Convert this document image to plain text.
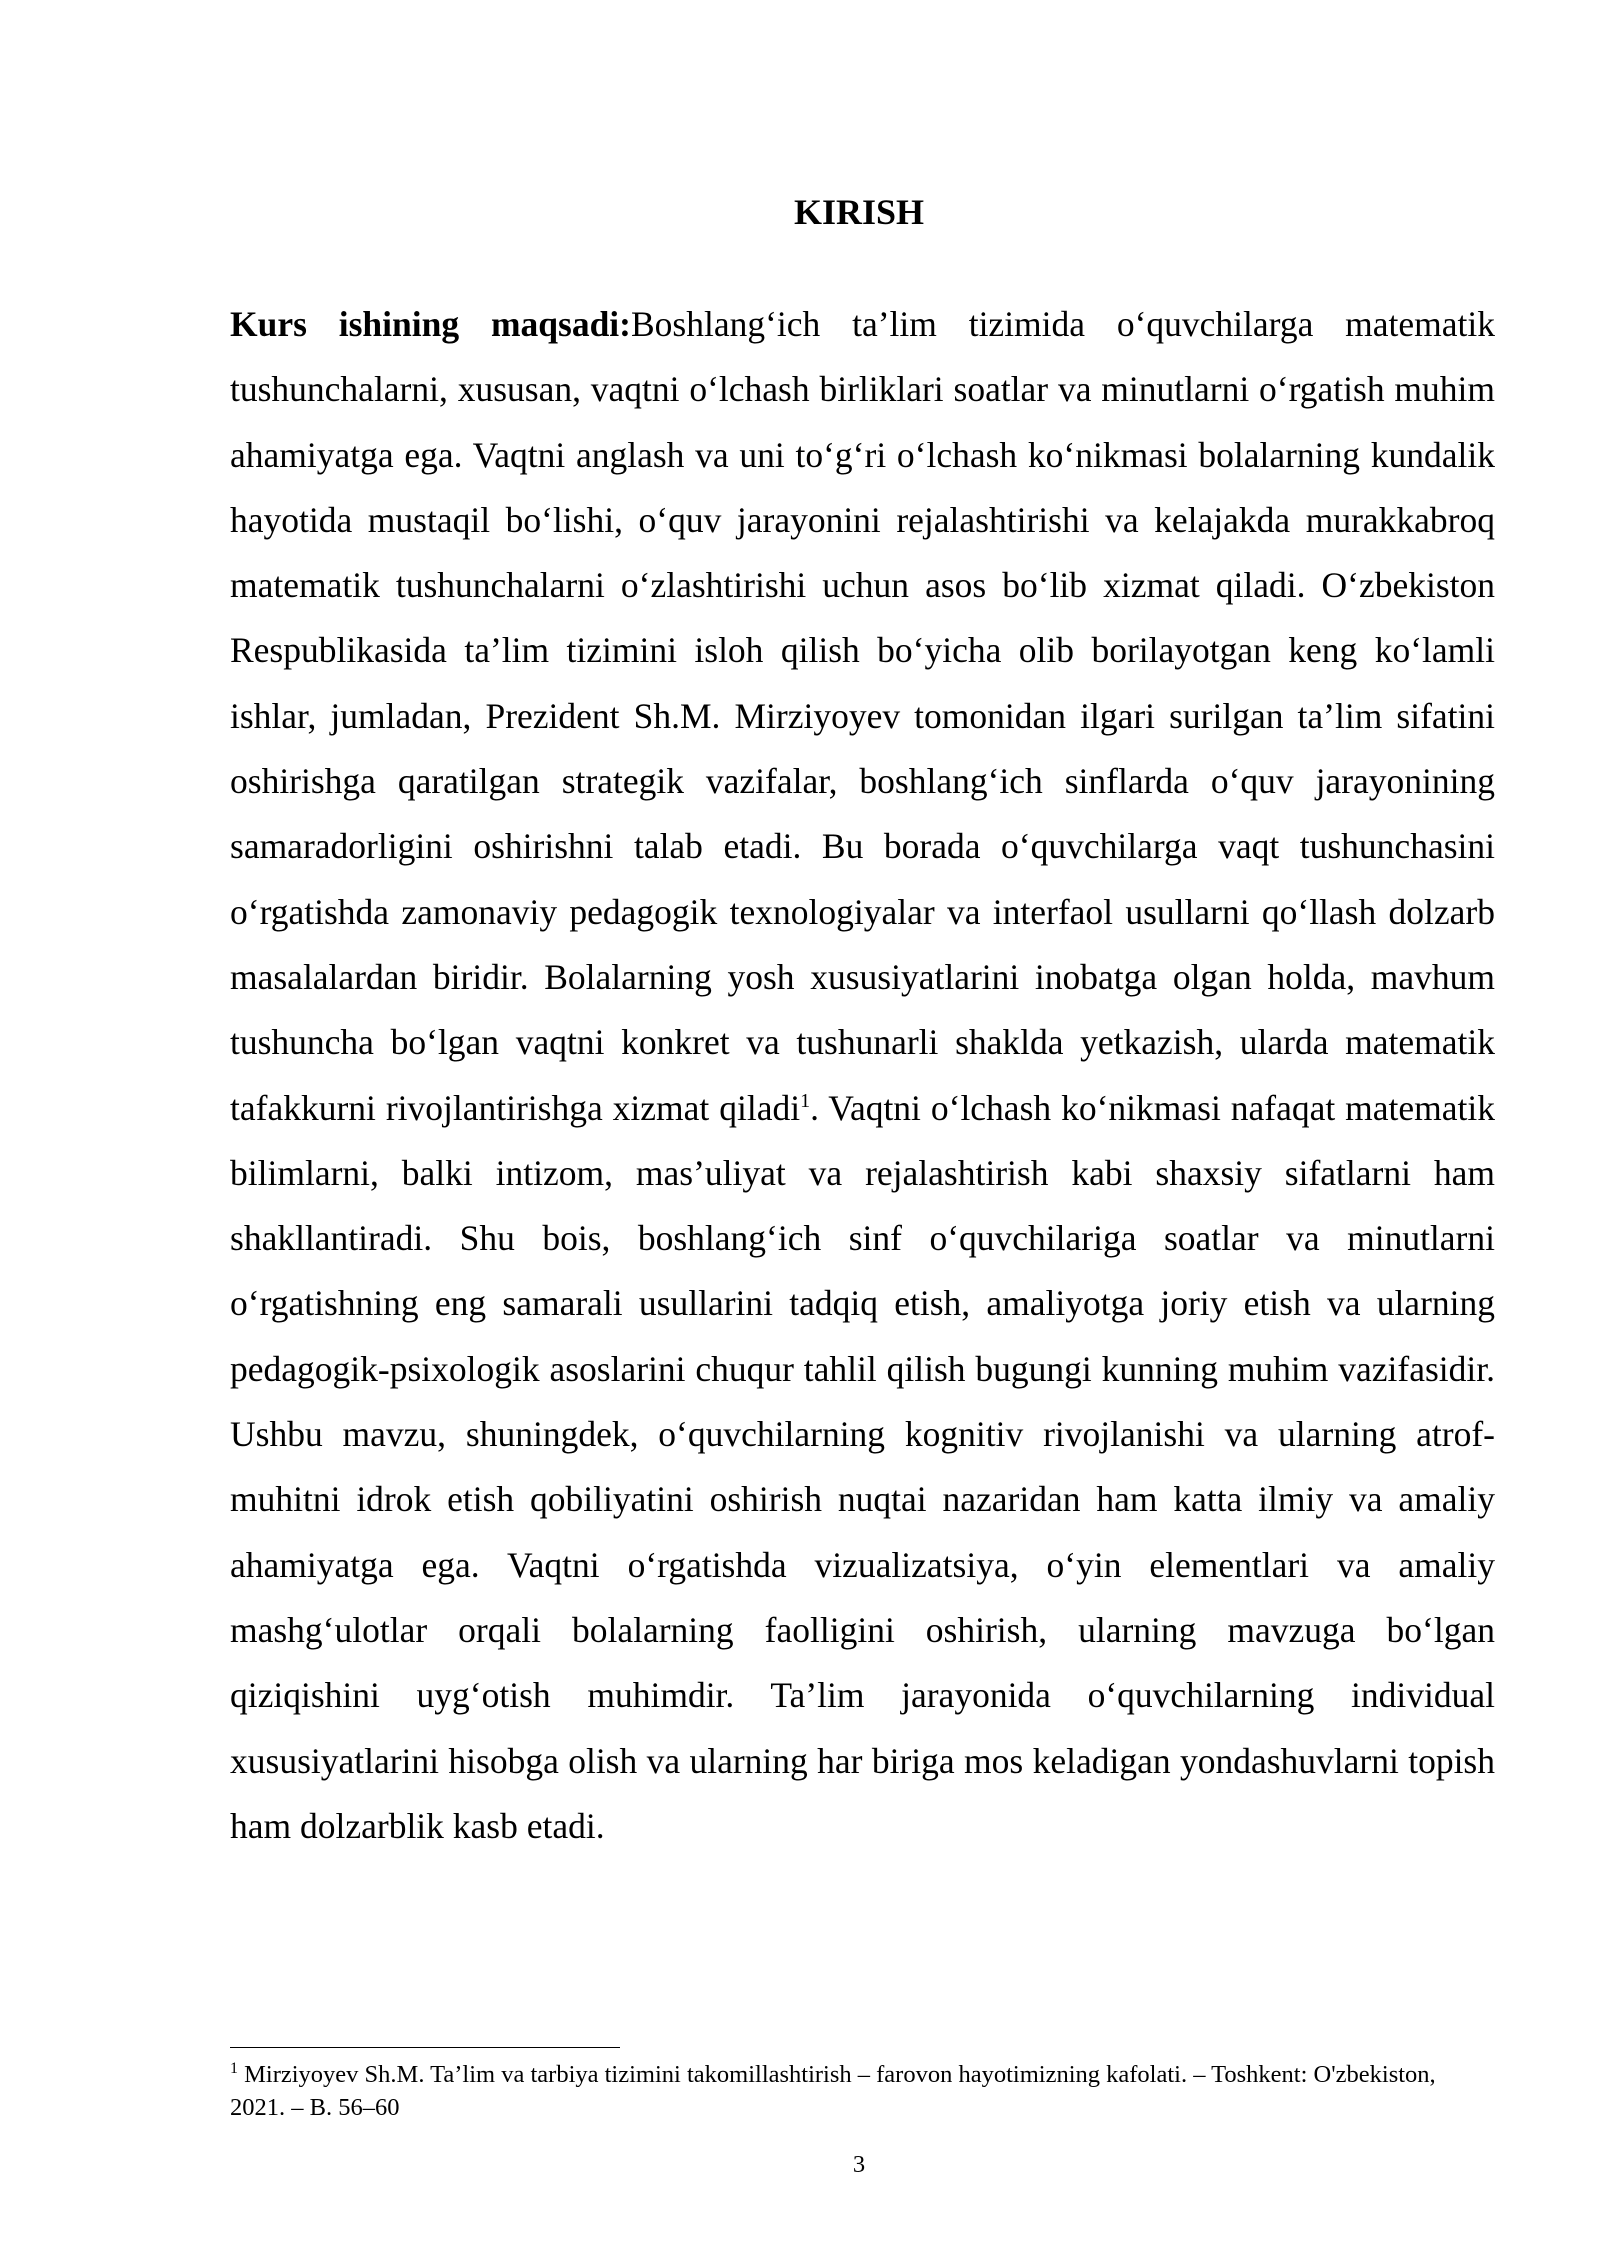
KIRISH

Kurs ishining maqsadi:Boshlang‘ich ta’lim tizimida o‘quvchilarga matematik tushunchalarni, xususan, vaqtni o‘lchash birliklari soatlar va minutlarni o‘rgatish muhim ahamiyatga ega. Vaqtni anglash va uni to‘g‘ri o‘lchash ko‘nikmasi bolalarning kundalik hayotida mustaqil bo‘lishi, o‘quv jarayonini rejalashtirishi va kelajakda murakkabroq matematik tushunchalarni o‘zlashtirishi uchun asos bo‘lib xizmat qiladi. O‘zbekiston Respublikasida ta’lim tizimini isloh qilish bo‘yicha olib borilayotgan keng ko‘lamli ishlar, jumladan, Prezident Sh.M. Mirziyoyev tomonidan ilgari surilgan ta’lim sifatini oshirishga qaratilgan strategik vazifalar, boshlang‘ich sinflarda o‘quv jarayonining samaradorligini oshirishni talab etadi. Bu borada o‘quvchilarga vaqt tushunchasini o‘rgatishda zamonaviy pedagogik texnologiyalar va interfaol usullarni qo‘llash dolzarb masalalardan biridir. Bolalarning yosh xususiyatlarini inobatga olgan holda, mavhum tushuncha bo‘lgan vaqtni konkret va tushunarli shaklda yetkazish, ularda matematik tafakkurni rivojlantirishga xizmat qiladi$^1$. Vaqtni o‘lchash ko‘nikmasi nafaqat matematik bilimlarni, balki intizom, mas’uliyat va rejalashtirish kabi shaxsiy sifatlarni ham shakllantiradi. Shu bois, boshlang‘ich sinf o‘quvchilariga soatlar va minutlarni o‘rgatishning eng samarali usullarini tadqiq etish, amaliyotga joriy etish va ularning pedagogik-psixologik asoslarini chuqur tahlil qilish bugungi kunning muhim vazifasidir. Ushbu mavzu, shuningdek, o‘quvchilarning kognitiv rivojlanishi va ularning atrof-muhitni idrok etish qobiliyatini oshirish nuqtai nazaridan ham katta ilmiy va amaliy ahamiyatga ega. Vaqtni o‘rgatishda vizualizatsiya, o‘yin elementlari va amaliy mashg‘ulotlar orqali bolalarning faolligini oshirish, ularning mavzuga bo‘lgan qiziqishini uyg‘otish muhimdir. Ta’lim jarayonida o‘quvchilarning individual xususiyatlarini hisobga olish va ularning har biriga mos keladigan yondashuvlarni topish ham dolzarblik kasb etadi.

$^1$ Mirziyoyev Sh.M. Ta’lim va tarbiya tizimini takomillashtirish – farovon hayotimizning kafolati. – Toshkent: O'zbekiston, 2021. – B. 56–60

3
